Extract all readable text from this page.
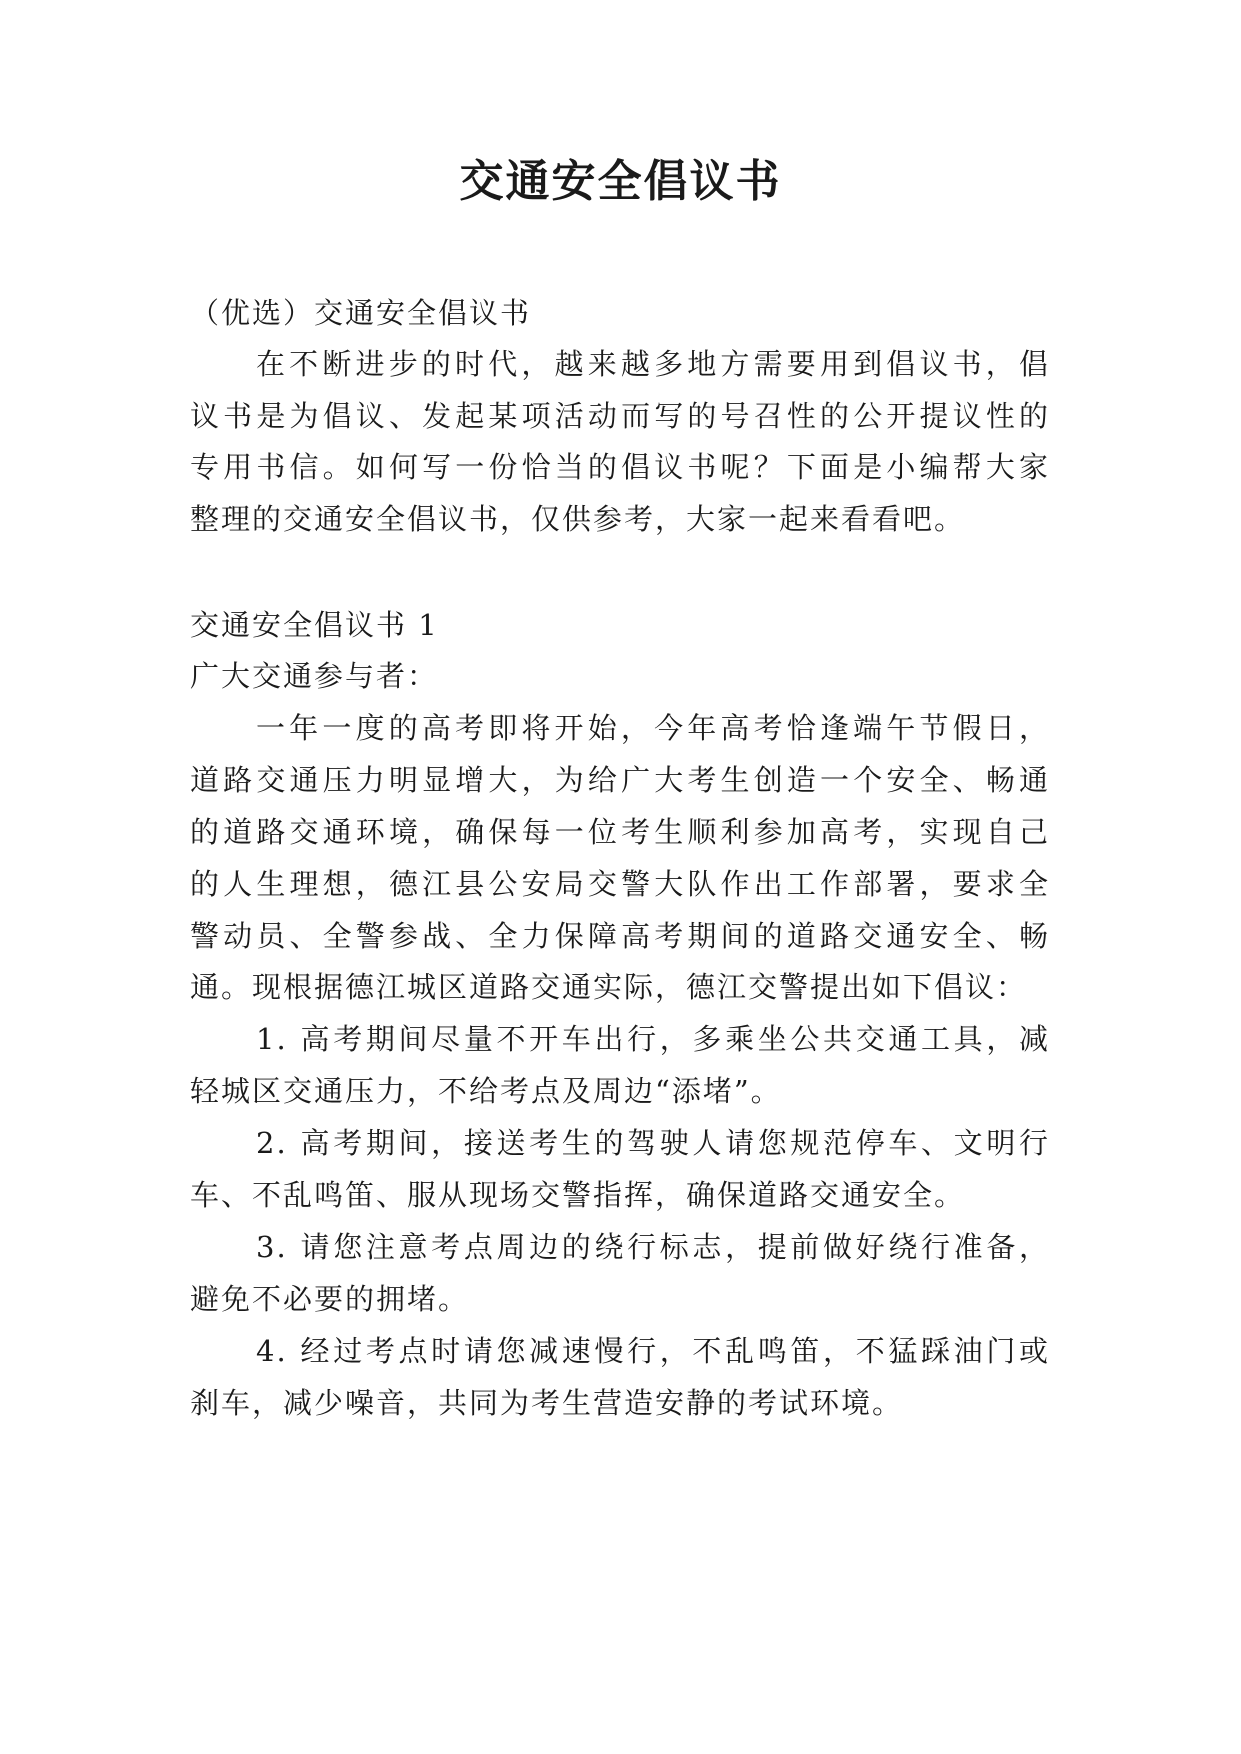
交通安全倡议书

（优选）交通安全倡议书

在不断进步的时代，越来越多地方需要用到倡议书，倡

议书是为倡议、发起某项活动而写的号召性的公开提议性的

专用书信。如何写一份恰当的倡议书呢？下面是小编帮大家

整理的交通安全倡议书，仅供参考，大家一起来看看吧。

交通安全倡议书 1

广大交通参与者：

一年一度的高考即将开始，今年高考恰逢端午节假日，

道路交通压力明显增大，为给广大考生创造一个安全、畅通

的道路交通环境，确保每一位考生顺利参加高考，实现自己

的人生理想，德江县公安局交警大队作出工作部署，要求全

警动员、全警参战、全力保障高考期间的道路交通安全、畅

通。现根据德江城区道路交通实际，德江交警提出如下倡议：

1. 高考期间尽量不开车出行，多乘坐公共交通工具，减

轻城区交通压力，不给考点及周边“添堵”。

2. 高考期间，接送考生的驾驶人请您规范停车、文明行

车、不乱鸣笛、服从现场交警指挥，确保道路交通安全。

3. 请您注意考点周边的绕行标志，提前做好绕行准备，

避免不必要的拥堵。

4. 经过考点时请您减速慢行，不乱鸣笛，不猛踩油门或

刹车，减少噪音，共同为考生营造安静的考试环境。
